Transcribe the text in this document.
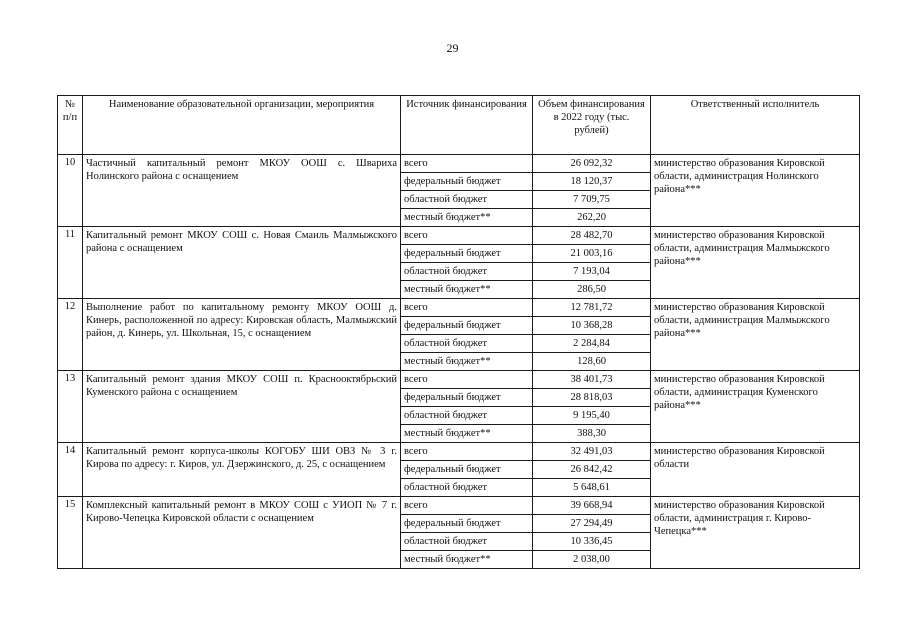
29
№ п/п	Наименование образовательной организации, мероприятия	Источник финансирования	Объем финансирования в 2022 году (тыс. рублей)	Ответственный исполнитель
10	Частичный капитальный ремонт МКОУ ООШ с. Шварихa Нолинского района с оснащением	всего	26 092,32	министерство образования Кировской области, администрация Нолинского района***
		федеральный бюджет	18 120,37	
		областной бюджет	7 709,75	
		местный бюджет**	262,20	
11	Капитальный ремонт МКОУ СОШ с. Новая Смаиль Малмыжского района с оснащением	всего	28 482,70	министерство образования Кировской области, администрация Малмыжского района***
		федеральный бюджет	21 003,16	
		областной бюджет	7 193,04	
		местный бюджет**	286,50	
12	Выполнение работ по капитальному ремонту МКОУ ООШ д. Кинерь, расположенной по адресу: Кировская область, Малмыжский район, д. Кинерь, ул. Школьная, 15, с оснащением	всего	12 781,72	министерство образования Кировской области, администрация Малмыжского района***
		федеральный бюджет	10 368,28	
		областной бюджет	2 284,84	
		местный бюджет**	128,60	
13	Капитальный ремонт здания МКОУ СОШ п. Краснооктябрьский Куменского района с оснащением	всего	38 401,73	министерство образования Кировской области, администрация Куменского района***
		федеральный бюджет	28 818,03	
		областной бюджет	9 195,40	
		местный бюджет**	388,30	
14	Капитальный ремонт корпуса-школы КОГОБУ ШИ ОВЗ № 3 г. Кирова по адресу: г. Киров, ул. Дзержинского, д. 25, с оснащением	всего	32 491,03	министерство образования Кировской области
		федеральный бюджет	26 842,42	
		областной бюджет	5 648,61	
15	Комплексный капитальный ремонт в МКОУ СОШ с УИОП № 7 г. Кирово-Чепецка Кировской области с оснащением	всего	39 668,94	министерство образования Кировской области, администрация г. Кирово-Чепецка***
		федеральный бюджет	27 294,49	
		областной бюджет	10 336,45	
		местный бюджет**	2 038,00	
